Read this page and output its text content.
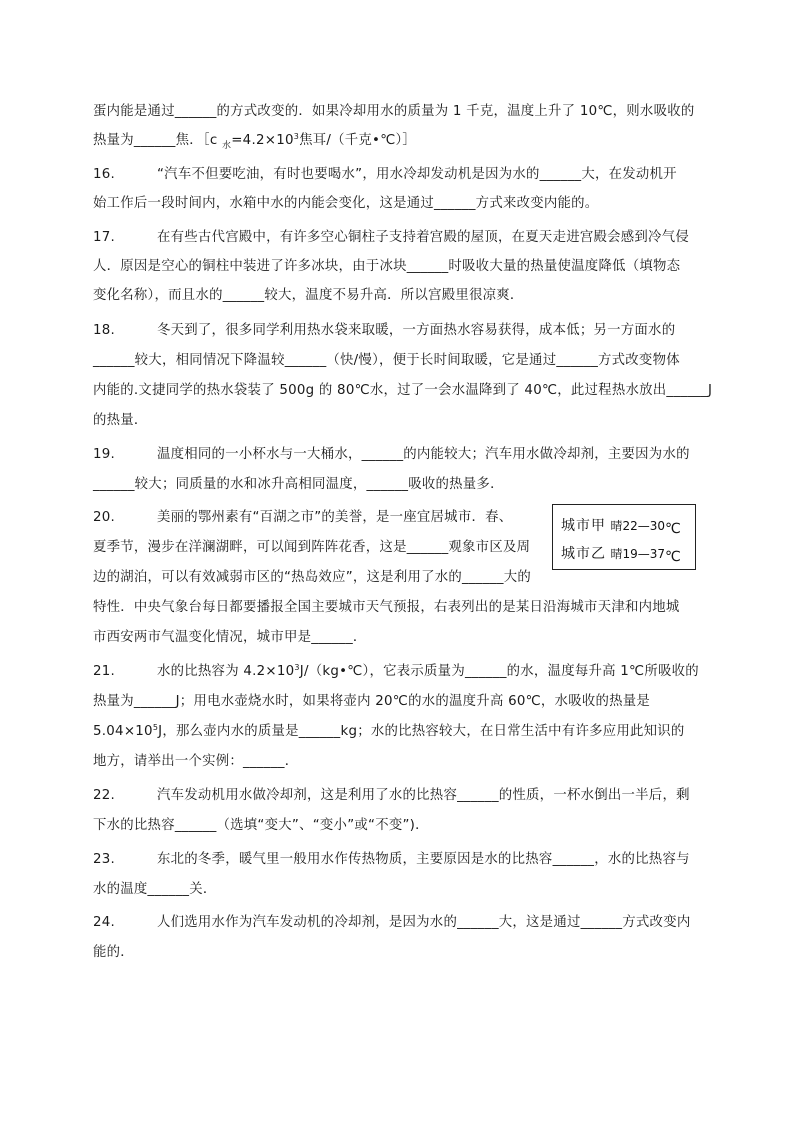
蛋内能是通过______的方式改变的．如果冷却用水的质量为 1 千克，温度上升了 10℃，则水吸收的
热量为______焦．［c $_水=4.2\times 10^3$焦耳/（千克•℃）］
16.	“汽车不但要吃油，有时也要喝水”，用水冷却发动机是因为水的______大，在发动机开
始工作后一段时间内，水箱中水的内能会变化，这是通过______方式来改变内能的。
17.	在有些古代宫殿中，有许多空心铜柱子支持着宫殿的屋顶，在夏天走进宫殿会感到冷气侵
人．原因是空心的铜柱中装进了许多冰块，由于冰块______时吸收大量的热量使温度降低（填物态
变化名称），而且水的______较大，温度不易升高．所以宫殿里很凉爽．
18.	冬天到了，很多同学利用热水袋来取暖，一方面热水容易获得，成本低；另一方面水的
______较大，相同情况下降温较______（快/慢），便于长时间取暖，它是通过______方式改变物体
内能的.文捷同学的热水袋装了 500g 的 80℃水，过了一会水温降到了 40℃，此过程热水放出______J
的热量．
19.	温度相同的一小杯水与一大桶水，______的内能较大；汽车用水做冷却剂，主要因为水的
______较大；同质量的水和冰升高相同温度，______吸收的热量多．
20.	美丽的鄂州素有“百湖之市”的美誉，是一座宜居城市．春、
夏季节，漫步在洋澜湖畔，可以闻到阵阵花香，这是______观象市区及周
边的湖泊，可以有效减弱市区的“热岛效应”，这是利用了水的______大的
特性．中央气象台每日都要播报全国主要城市天气预报，右表列出的是某日沿海城市天津和内地城
市西安两市气温变化情况，城市甲是______．
城市甲 晴22—30℃
城市乙 晴19—37℃
21.	水的比热容为 $4.2\times 10^3J/(kg•℃)$，它表示质量为______的水，温度每升高 1℃所吸收的
热量为______J；用电水壶烧水时，如果将壶内 20℃的水的温度升高 60℃，水吸收的热量是
$5.04\times 10^5J$，那么壶内水的质量是______kg；水的比热容较大，在日常生活中有许多应用此知识的
地方，请举出一个实例：______．
22.	汽车发动机用水做冷却剂，这是利用了水的比热容______的性质，一杯水倒出一半后，剩
下水的比热容______（选填“变大”、“变小”或“不变”)．
23.	东北的冬季，暖气里一般用水作传热物质，主要原因是水的比热容______，水的比热容与
水的温度______关．
24.	人们选用水作为汽车发动机的冷却剂，是因为水的______大，这是通过______方式改变内
能的．
